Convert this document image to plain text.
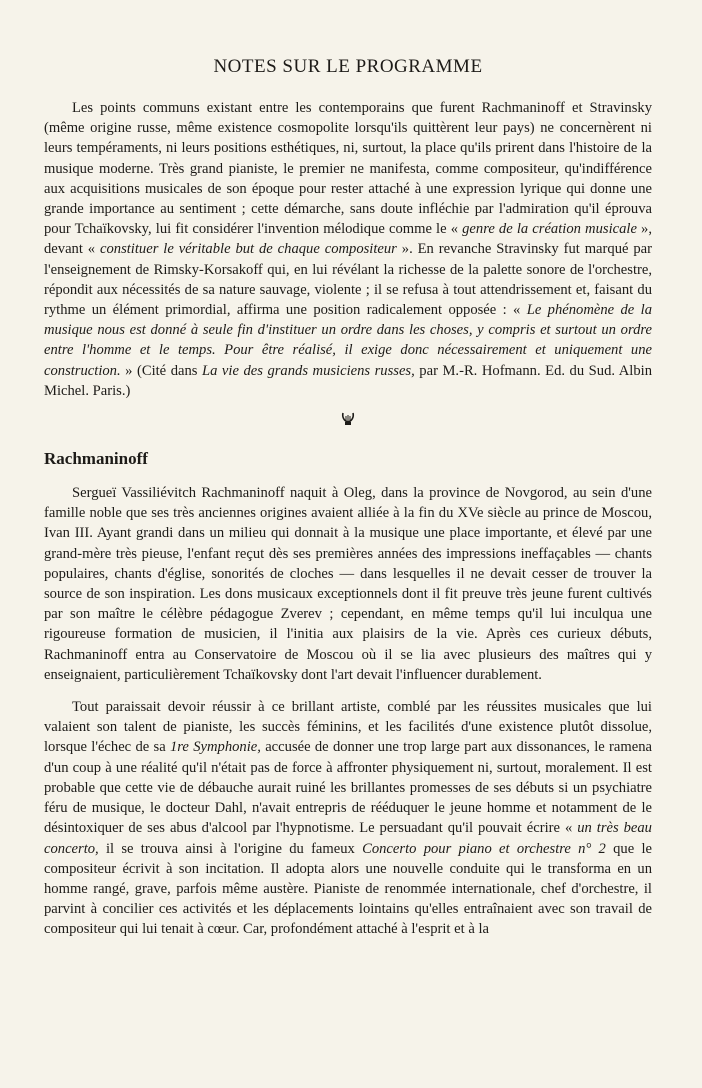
NOTES SUR LE PROGRAMME

Les points communs existant entre les contemporains que furent Rachmaninoff et Stravinsky (même origine russe, même existence cosmopolite lorsqu'ils quittèrent leur pays) ne concernèrent ni leurs tempéraments, ni leurs positions esthétiques, ni, surtout, la place qu'ils prirent dans l'histoire de la musique moderne. Très grand pianiste, le premier ne manifesta, comme compositeur, qu'indifférence aux acquisitions musicales de son époque pour rester attaché à une expression lyrique qui donne une grande importance au sentiment ; cette démarche, sans doute infléchie par l'admiration qu'il éprouva pour Tchaïkovsky, lui fit considérer l'invention mélodique comme le « genre de la création musicale », devant « constituer le véritable but de chaque compositeur ». En revanche Stravinsky fut marqué par l'enseignement de Rimsky-Korsakoff qui, en lui révélant la richesse de la palette sonore de l'orchestre, répondit aux nécessités de sa nature sauvage, violente ; il se refusa à tout attendrissement et, faisant du rythme un élément primordial, affirma une position radicalement opposée : « Le phénomène de la musique nous est donné à seule fin d'instituer un ordre dans les choses, y compris et surtout un ordre entre l'homme et le temps. Pour être réalisé, il exige donc nécessairement et uniquement une construction. » (Cité dans La vie des grands musiciens russes, par M.-R. Hofmann. Ed. du Sud. Albin Michel. Paris.)

Rachmaninoff

Sergueï Vassiliévitch Rachmaninoff naquit à Oleg, dans la province de Novgorod, au sein d'une famille noble que ses très anciennes origines avaient alliée à la fin du XVe siècle au prince de Moscou, Ivan III. Ayant grandi dans un milieu qui donnait à la musique une place importante, et élevé par une grand-mère très pieuse, l'enfant reçut dès ses premières années des impressions ineffaçables — chants populaires, chants d'église, sonorités de cloches — dans lesquelles il ne devait cesser de trouver la source de son inspiration. Les dons musicaux exceptionnels dont il fit preuve très jeune furent cultivés par son maître le célèbre pédagogue Zverev ; cependant, en même temps qu'il lui inculqua une rigoureuse formation de musicien, il l'initia aux plaisirs de la vie. Après ces curieux débuts, Rachmaninoff entra au Conservatoire de Moscou où il se lia avec plusieurs des maîtres qui y enseignaient, particulièrement Tchaïkovsky dont l'art devait l'influencer durablement.

Tout paraissait devoir réussir à ce brillant artiste, comblé par les réussites musicales que lui valaient son talent de pianiste, les succès féminins, et les facilités d'une existence plutôt dissolue, lorsque l'échec de sa 1re Symphonie, accusée de donner une trop large part aux dissonances, le ramena d'un coup à une réalité qu'il n'était pas de force à affronter physiquement ni, surtout, moralement. Il est probable que cette vie de débauche aurait ruiné les brillantes promesses de ses débuts si un psychiatre féru de musique, le docteur Dahl, n'avait entrepris de rééduquer le jeune homme et notamment de le désintoxiquer de ses abus d'alcool par l'hypnotisme. Le persuadant qu'il pouvait écrire « un très beau concerto, il se trouva ainsi à l'origine du fameux Concerto pour piano et orchestre n° 2 que le compositeur écrivit à son incitation. Il adopta alors une nouvelle conduite qui le transforma en un homme rangé, grave, parfois même austère. Pianiste de renommée internationale, chef d'orchestre, il parvint à concilier ces activités et les déplacements lointains qu'elles entraînaient avec son travail de compositeur qui lui tenait à cœur. Car, profondément attaché à l'esprit et à la
